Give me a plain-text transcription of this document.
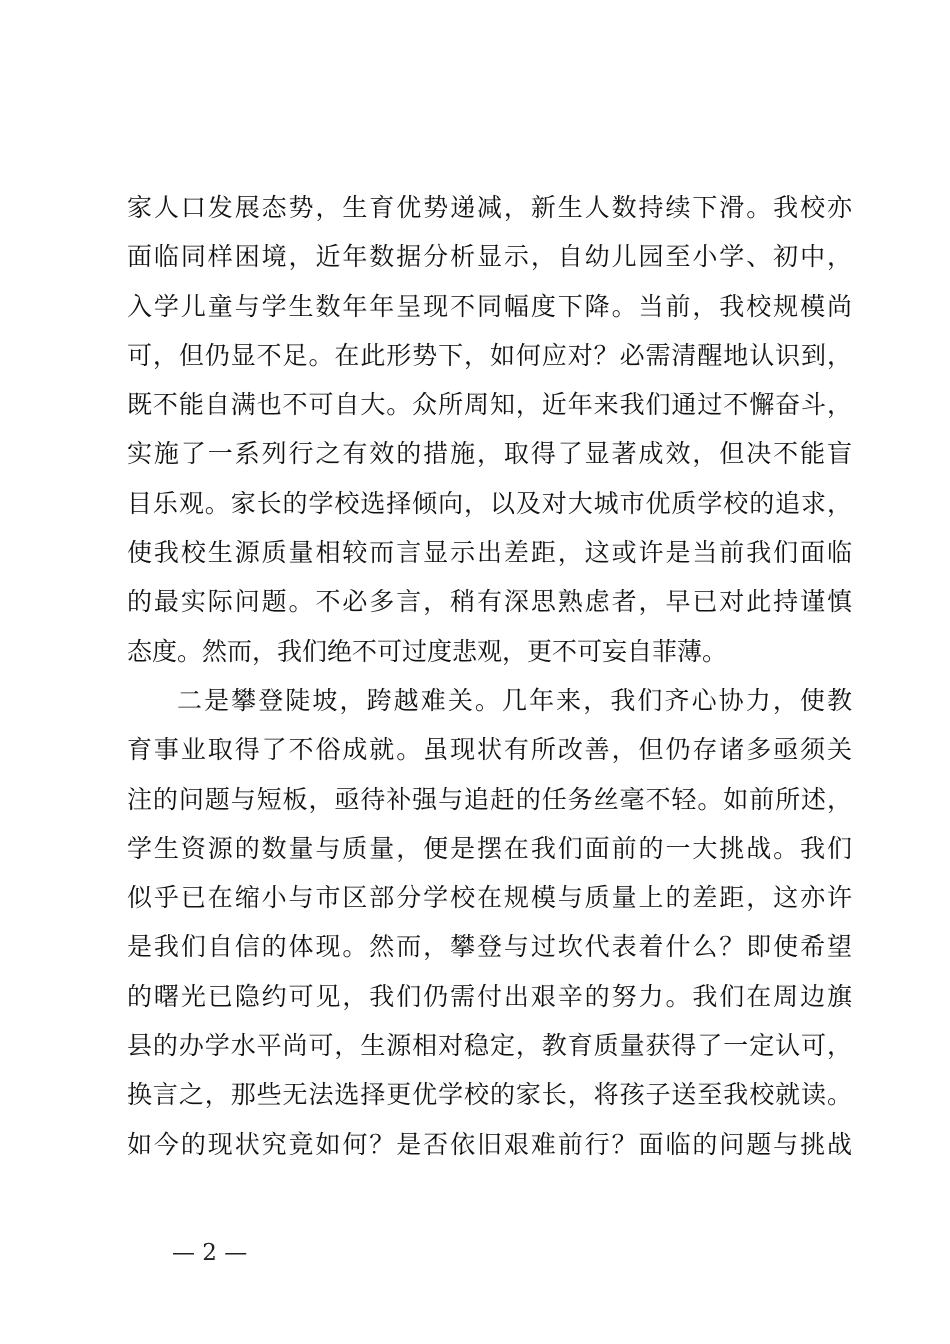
家人口发展态势，生育优势递减，新生人数持续下滑。我校亦
面临同样困境，近年数据分析显示，自幼儿园至小学、初中，
入学儿童与学生数年年呈现不同幅度下降。当前，我校规模尚
可，但仍显不足。在此形势下，如何应对？必需清醒地认识到，
既不能自满也不可自大。众所周知，近年来我们通过不懈奋斗，
实施了一系列行之有效的措施，取得了显著成效，但决不能盲
目乐观。家长的学校选择倾向，以及对大城市优质学校的追求，
使我校生源质量相较而言显示出差距，这或许是当前我们面临
的最实际问题。不必多言，稍有深思熟虑者，早已对此持谨慎
态度。然而，我们绝不可过度悲观，更不可妄自菲薄。
二是攀登陡坡，跨越难关。几年来，我们齐心协力，使教
育事业取得了不俗成就。虽现状有所改善，但仍存诸多亟须关
注的问题与短板，亟待补强与追赶的任务丝毫不轻。如前所述，
学生资源的数量与质量，便是摆在我们面前的一大挑战。我们
似乎已在缩小与市区部分学校在规模与质量上的差距，这亦许
是我们自信的体现。然而，攀登与过坎代表着什么？即使希望
的曙光已隐约可见，我们仍需付出艰辛的努力。我们在周边旗
县的办学水平尚可，生源相对稳定，教育质量获得了一定认可，
换言之，那些无法选择更优学校的家长，将孩子送至我校就读。
如今的现状究竟如何？是否依旧艰难前行？面临的问题与挑战
— 2 —
